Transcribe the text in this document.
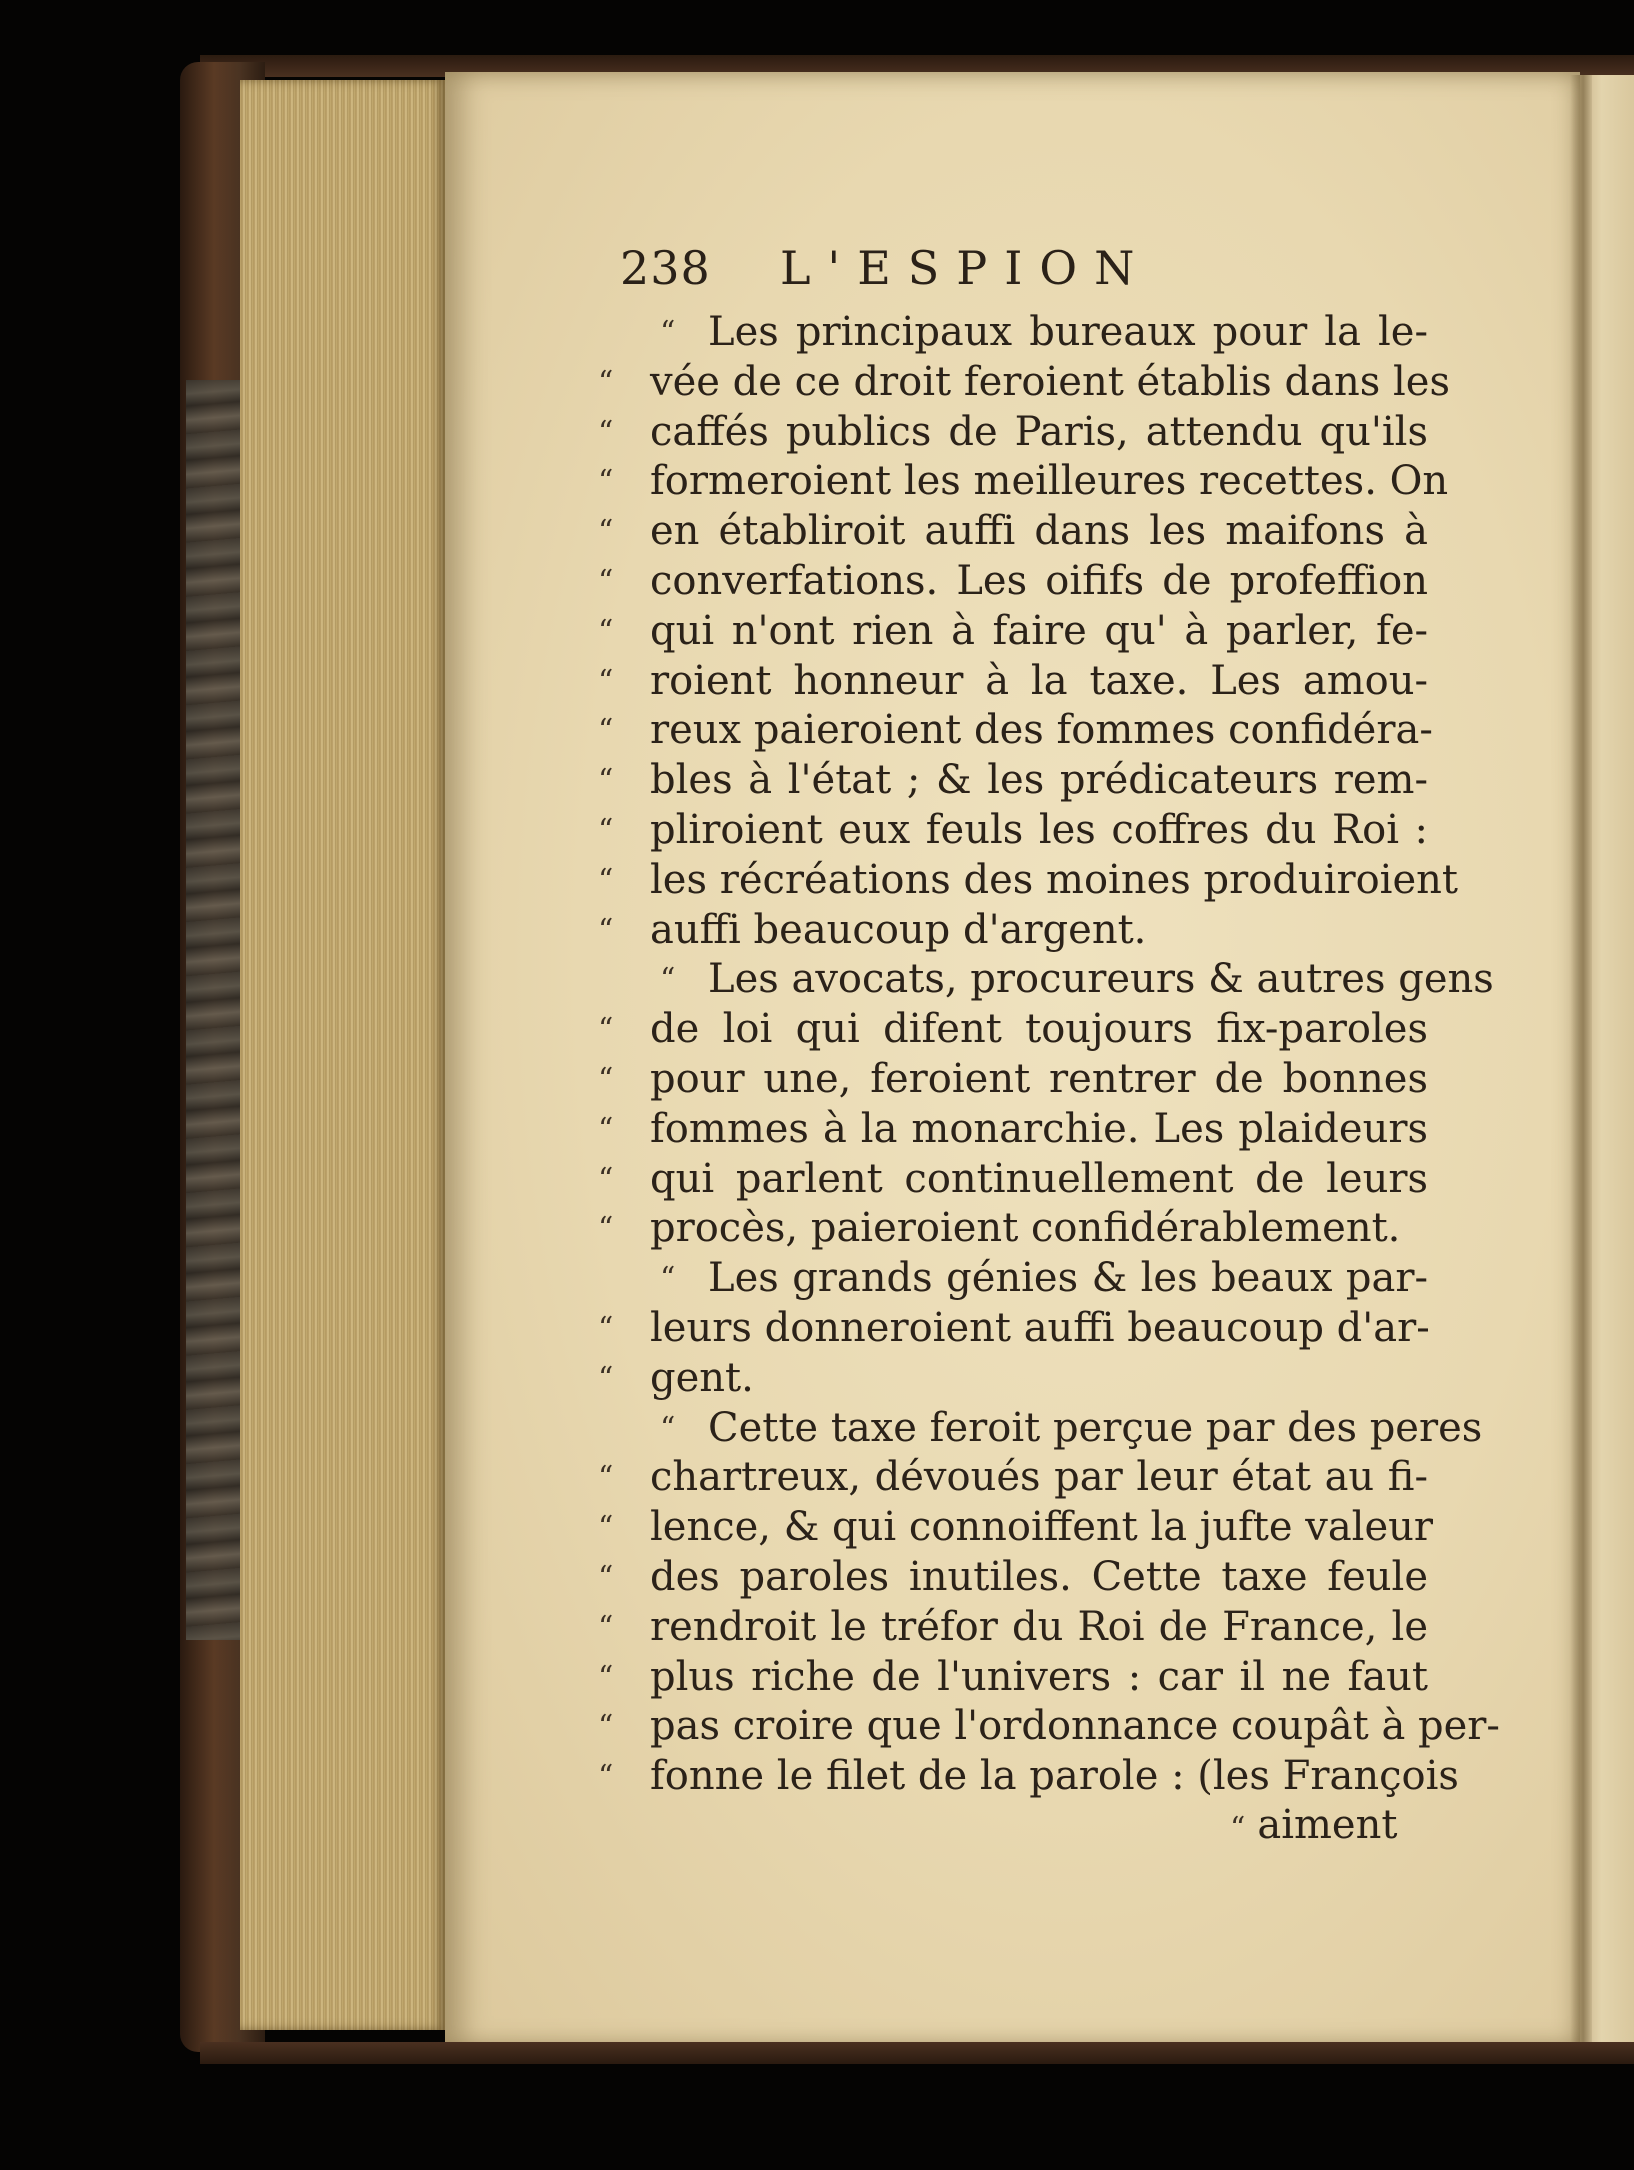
238 L'ESPION
“ Les principaux bureaux pour la le-
“ vée de ce droit feroient établis dans les
“ caffés publics de Paris, attendu qu'ils
“ formeroient les meilleures recettes. On
“ en établiroit auffi dans les maifons à
“ converfations. Les oififs de profeffion
“ qui n'ont rien à faire qu' à parler, fe-
“ roient honneur à la taxe. Les amou-
“ reux paieroient des fommes confidéra-
“ bles à l'état ; & les prédicateurs rem-
“ pliroient eux feuls les coffres du Roi :
“ les récréations des moines produiroient
“ auffi beaucoup d'argent.
“ Les avocats, procureurs & autres gens
“ de loi qui difent toujours fix-paroles
“ pour une, feroient rentrer de bonnes
“ fommes à la monarchie. Les plaideurs
“ qui parlent continuellement de leurs
“ procès, paieroient confidérablement.
“ Les grands génies & les beaux par-
“ leurs donneroient auffi beaucoup d'ar-
“ gent.
“ Cette taxe feroit perçue par des peres
“ chartreux, dévoués par leur état au fi-
“ lence, & qui connoiffent la jufte valeur
“ des paroles inutiles. Cette taxe feule
“ rendroit le tréfor du Roi de France, le
“ plus riche de l'univers : car il ne faut
“ pas croire que l'ordonnance coupât à per-
“ fonne le filet de la parole : (les François
“ aiment
